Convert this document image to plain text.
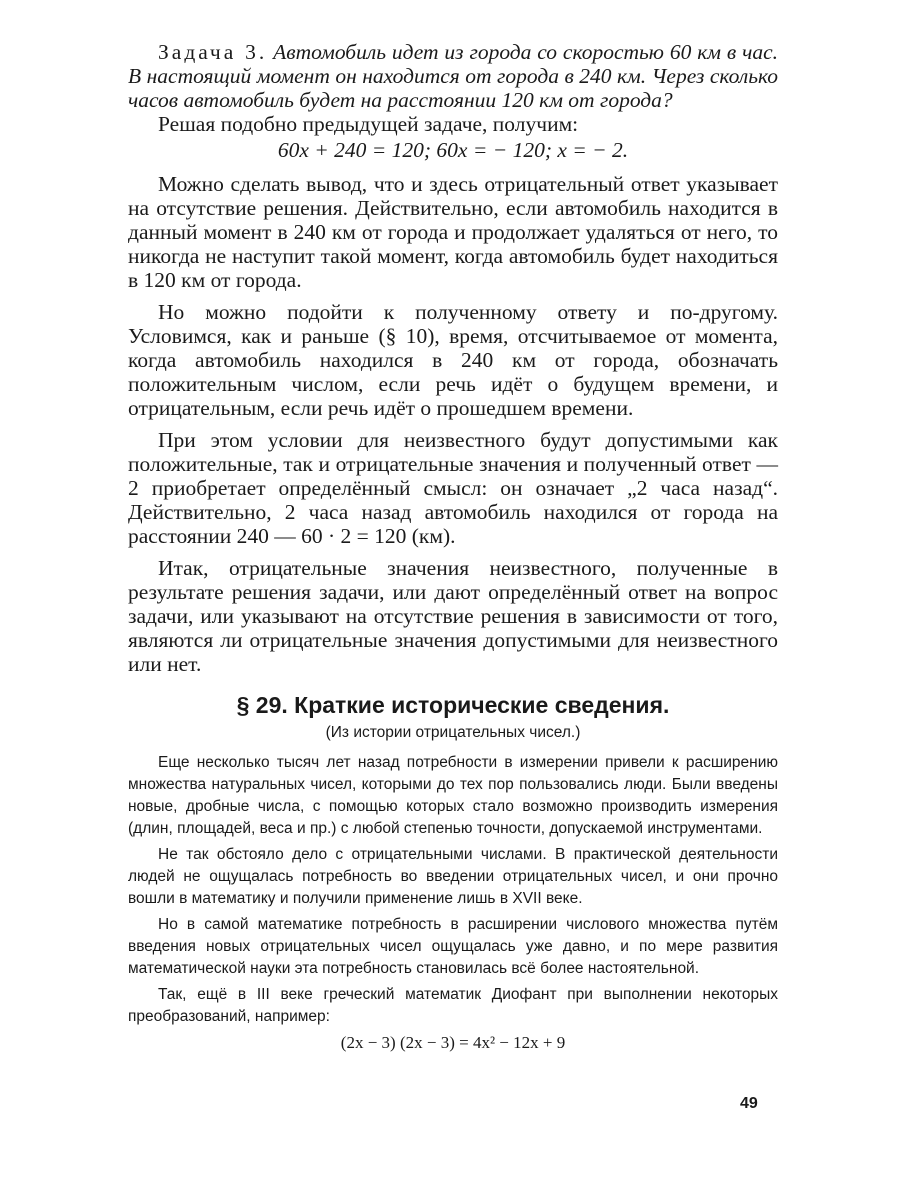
Задача 3. Автомобиль идет из города со скоростью 60 км в час. В настоящий момент он находится от города в 240 км. Через сколько часов автомобиль будет на расстоянии 120 км от города?

Решая подобно предыдущей задаче, получим:

60x + 240 = 120; 60x = − 120; x = − 2.

Можно сделать вывод, что и здесь отрицательный ответ указывает на отсутствие решения. Действительно, если автомобиль находится в данный момент в 240 км от города и продолжает удаляться от него, то никогда не наступит такой момент, когда автомобиль будет находиться в 120 км от города.

Но можно подойти к полученному ответу и по-другому. Условимся, как и раньше (§ 10), время, отсчитываемое от момента, когда автомобиль находился в 240 км от города, обозначать положительным числом, если речь идёт о будущем времени, и отрицательным, если речь идёт о прошедшем времени.

При этом условии для неизвестного будут допустимыми как положительные, так и отрицательные значения и полученный ответ — 2 приобретает определённый смысл: он означает „2 часа назад“. Действительно, 2 часа назад автомобиль находился от города на расстоянии 240 — 60 · 2 = 120 (км).

Итак, отрицательные значения неизвестного, полученные в результате решения задачи, или дают определённый ответ на вопрос задачи, или указывают на отсутствие решения в зависимости от того, являются ли отрицательные значения допустимыми для неизвестного или нет.

§ 29. Краткие исторические сведения.
(Из истории отрицательных чисел.)

Еще несколько тысяч лет назад потребности в измерении привели к расширению множества натуральных чисел, которыми до тех пор пользовались люди. Были введены новые, дробные числа, с помощью которых стало возможно производить измерения (длин, площадей, веса и пр.) с любой степенью точности, допускаемой инструментами.

Не так обстояло дело с отрицательными числами. В практической деятельности людей не ощущалась потребность во введении отрицательных чисел, и они прочно вошли в математику и получили применение лишь в XVII веке.

Но в самой математике потребность в расширении числового множества путём введения новых отрицательных чисел ощущалась уже давно, и по мере развития математической науки эта потребность становилась всё более настоятельной.

Так, ещё в III веке греческий математик Диофант при выполнении некоторых преобразований, например:

(2x − 3) (2x − 3) = 4x² − 12x + 9

49
